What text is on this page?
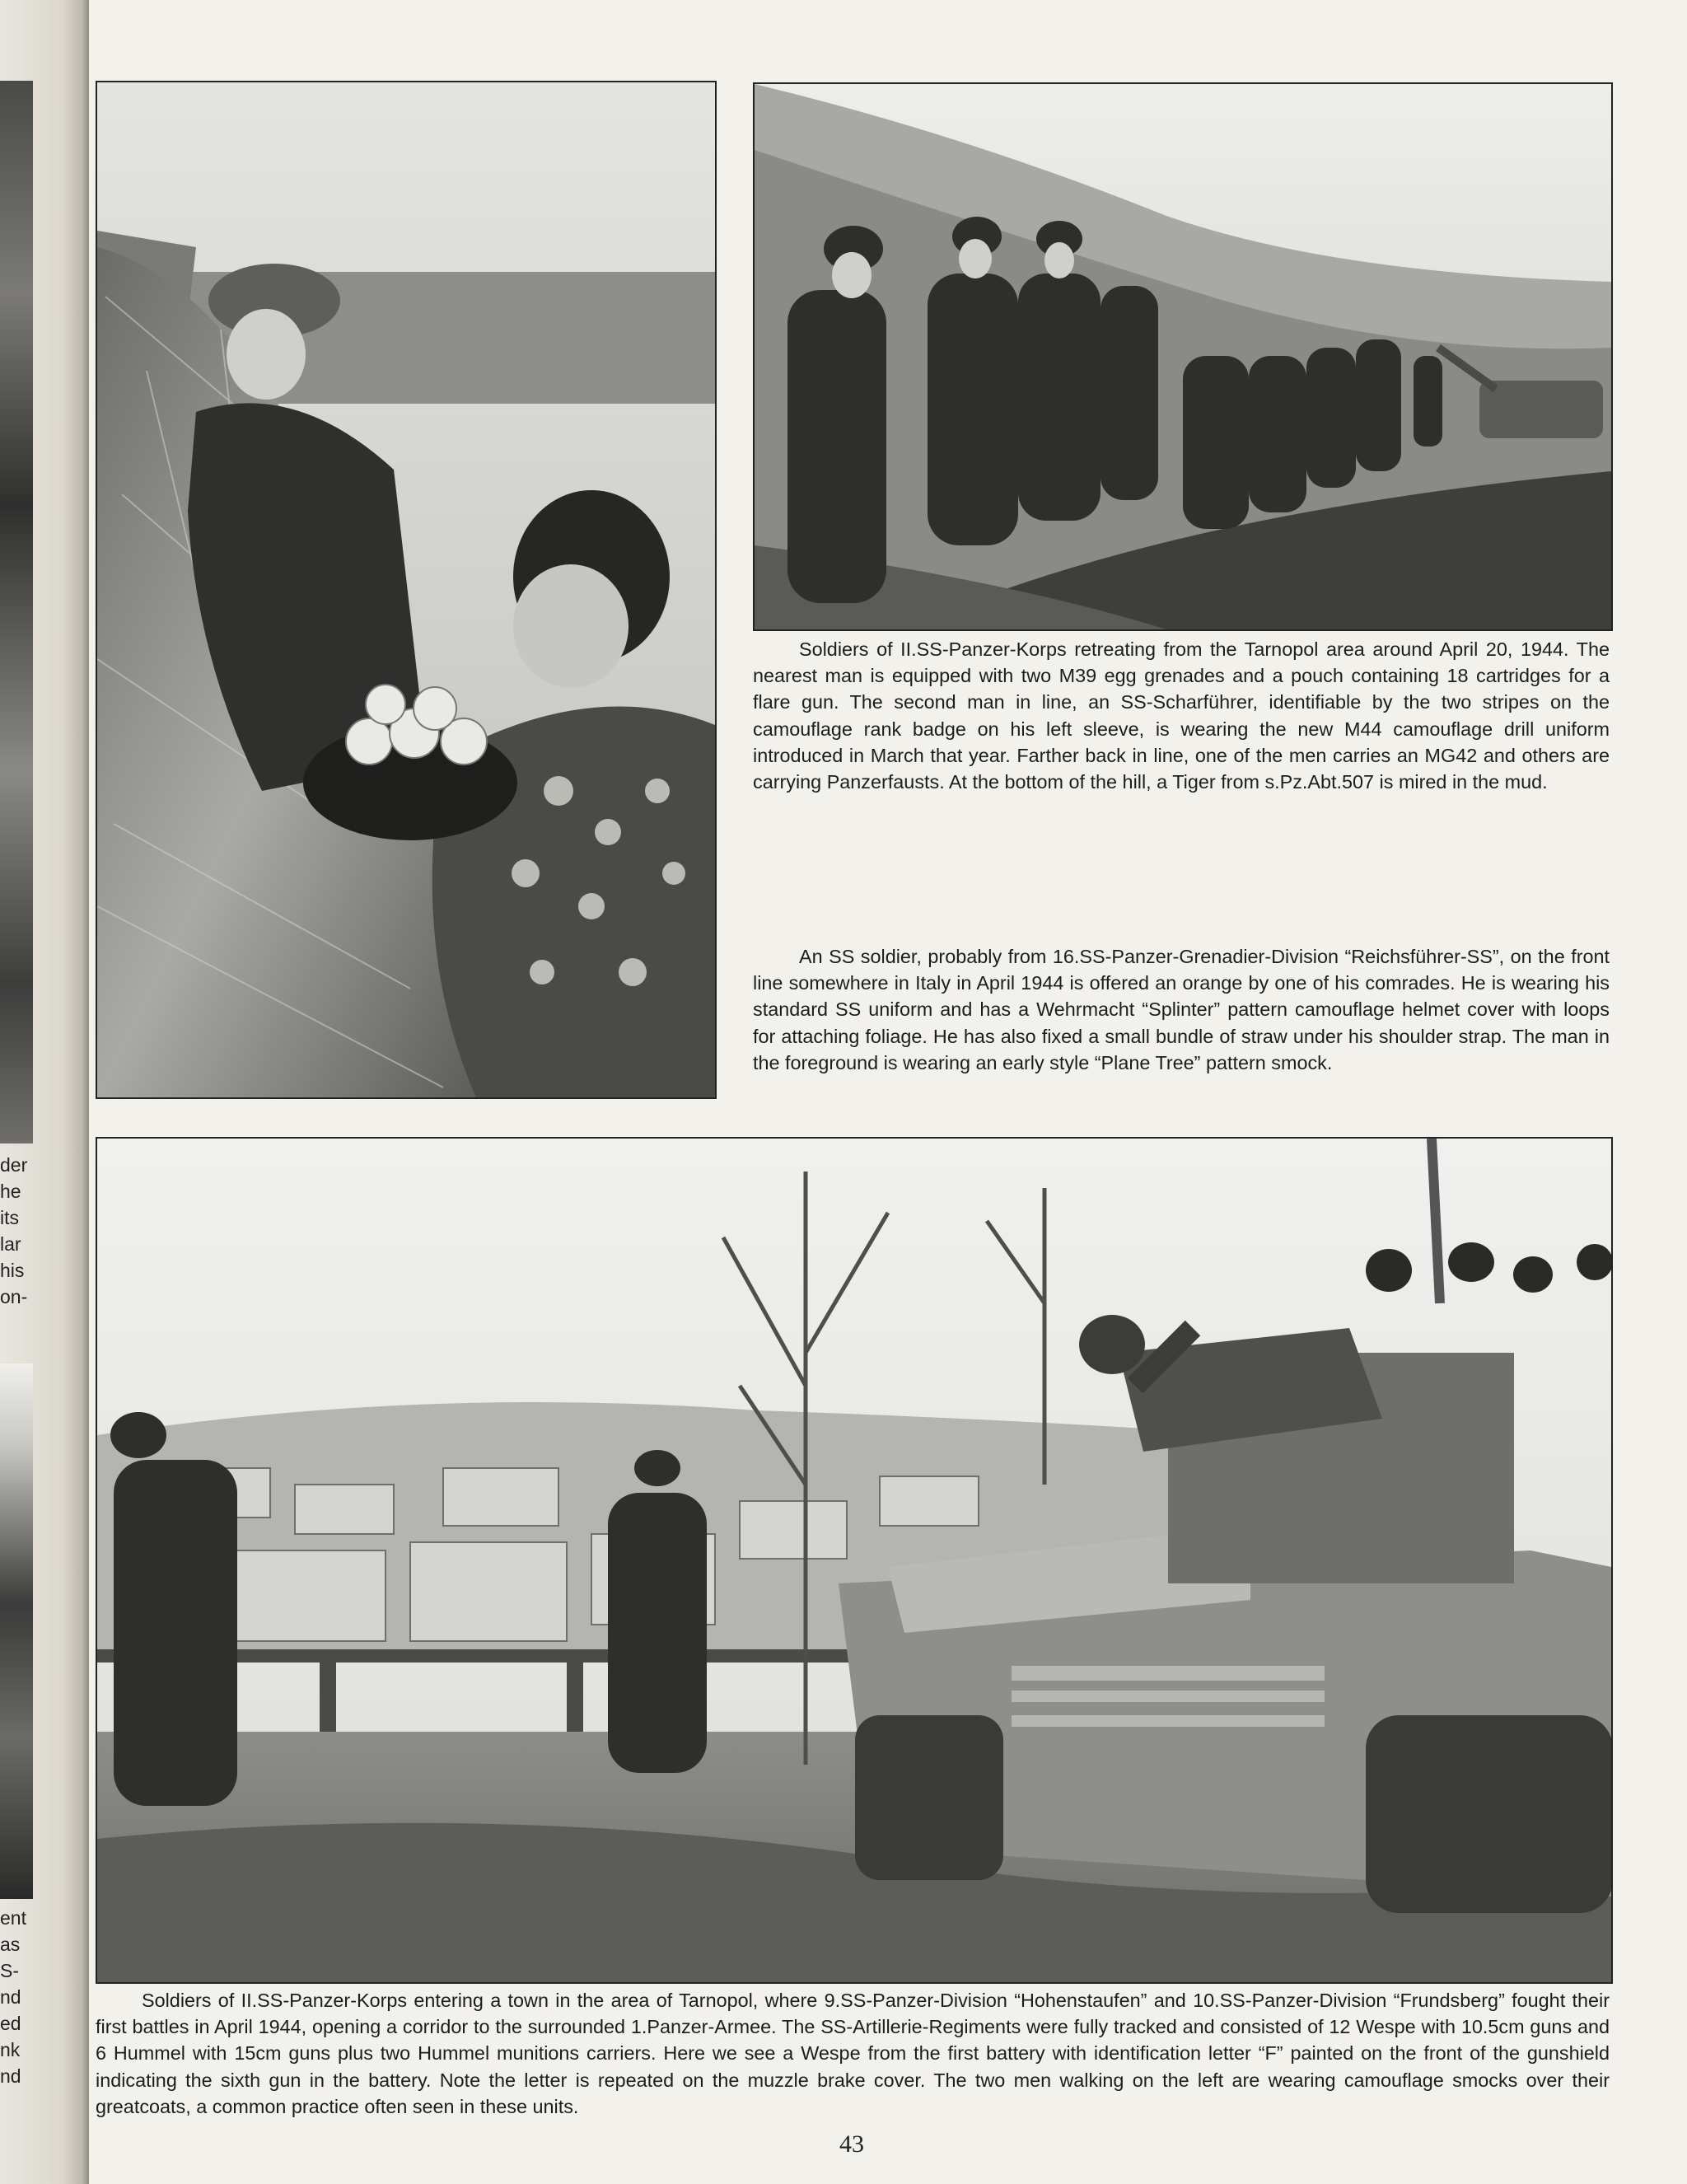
der
he
its
lar
his
on-
ent
as
S-
nd
ed
nk
nd

Soldiers of II.SS-Panzer-Korps retreating from the Tarnopol area around April 20, 1944. The nearest man is equipped with two M39 egg grenades and a pouch containing 18 cartridges for a flare gun. The second man in line, an SS-Scharführer, identifiable by the two stripes on the camouflage rank badge on his left sleeve, is wearing the new M44 camouflage drill uniform introduced in March that year. Farther back in line, one of the men carries an MG42 and others are carrying Panzerfausts. At the bottom of the hill, a Tiger from s.Pz.Abt.507 is mired in the mud.

An SS soldier, probably from 16.SS-Panzer-Grenadier-Division “Reichsführer-SS”, on the front line somewhere in Italy in April 1944 is offered an orange by one of his comrades. He is wearing his standard SS uniform and has a Wehrmacht “Splinter” pattern camouflage helmet cover with loops for attaching foliage. He has also fixed a small bundle of straw under his shoulder strap. The man in the foreground is wearing an early style “Plane Tree” pattern smock.

Soldiers of II.SS-Panzer-Korps entering a town in the area of Tarnopol, where 9.SS-Panzer-Division “Hohenstaufen” and 10.SS-Panzer-Division “Frundsberg” fought their first battles in April 1944, opening a corridor to the surrounded 1.Panzer-Armee. The SS-Artillerie-Regiments were fully tracked and consisted of 12 Wespe with 10.5cm guns and 6 Hummel with 15cm guns plus two Hummel munitions carriers. Here we see a Wespe from the first battery with identification letter “F” painted on the front of the gunshield indicating the sixth gun in the battery. Note the letter is repeated on the muzzle brake cover. The two men walking on the left are wearing camouflage smocks over their greatcoats, a common practice often seen in these units.

43
